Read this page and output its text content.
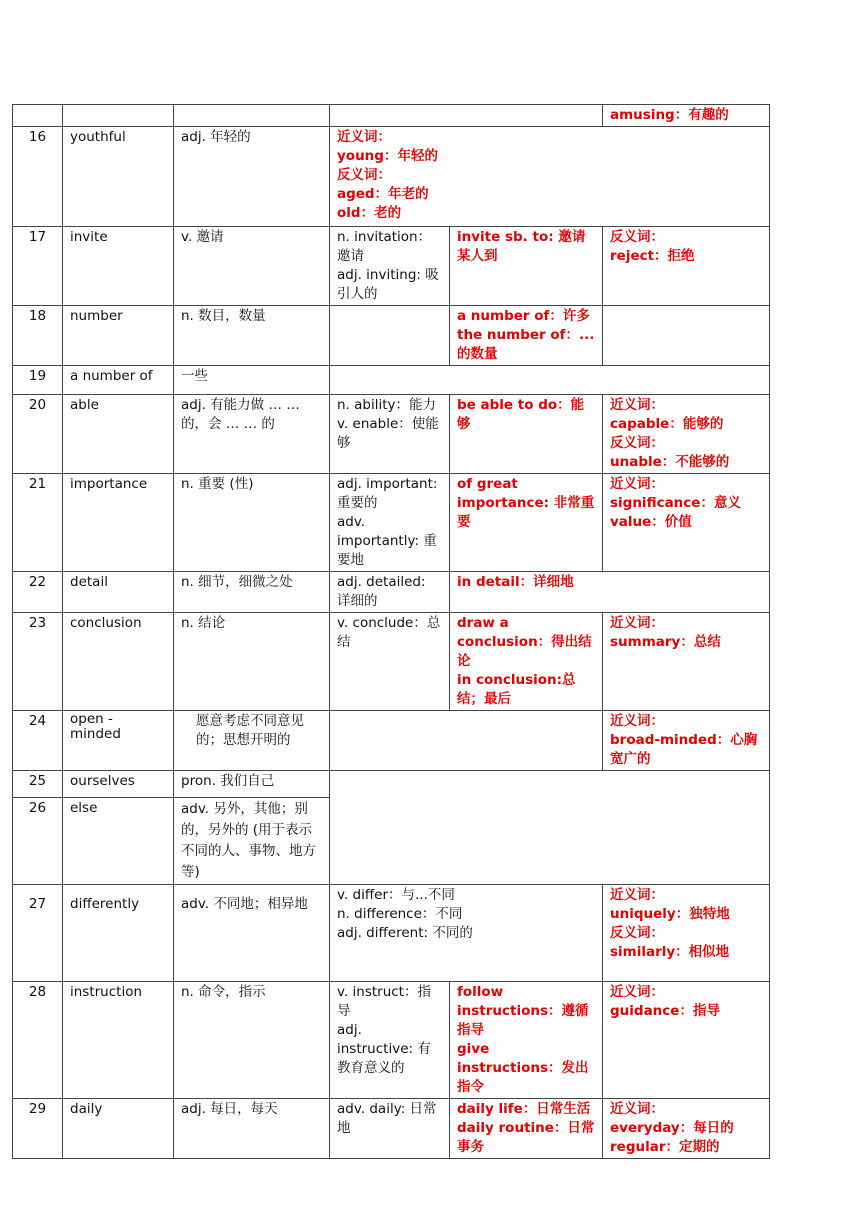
					amusing：有趣的
16	youthful	adj. 年轻的	近义词：
young：年轻的
反义词：
aged：年老的
old：老的		

17	invite	v. 邀请	n. invitation：邀请
adj. inviting: 吸引人的	invite sb. to: 邀请某人到	反义词：
reject：拒绝

18	number	n. 数目，数量		a number of：许多
the number of：...的数量	

19	a number of	一些			
20	able	adj. 有能力做 … …的，会 … … 的	n. ability：能力
v. enable：使能够	be able to do：能够	近义词：
capable：能够的
反义词：
unable：不能够的

21	importance	n. 重要 (性)	adj. important: 重要的
adv. importantly: 重要地	of great importance: 非常重要	近义词：
significance：意义
value：价值

22	detail	n. 细节，细微之处	adj. detailed: 详细的	in detail：详细地	

23	conclusion	n. 结论	v. conclude：总结	draw a conclusion：得出结论
in conclusion:总结；最后	近义词：
summary：总结

24	open - minded	愿意考虑不同意见的；思想开明的			近义词：
broad-minded：心胸宽广的

25	ourselves	pron. 我们自己			
26	else	adv. 另外，其他；别的，另外的 (用于表示不同的人、事物、地方等)			
27	differently	adv. 不同地；相异地	v. differ：与...不同
n. difference：不同
adj. different: 不同的		近义词：
uniquely：独特地
反义词：
similarly：相似地

28	instruction	n. 命令，指示	v. instruct：指导
adj. instructive: 有教育意义的	follow instructions：遵循指导
give instructions：发出指令	近义词：
guidance：指导

29	daily	adj. 每日，每天	adv. daily: 日常地	daily life：日常生活
daily routine：日常事务	近义词：
everyday：每日的
regular：定期的
